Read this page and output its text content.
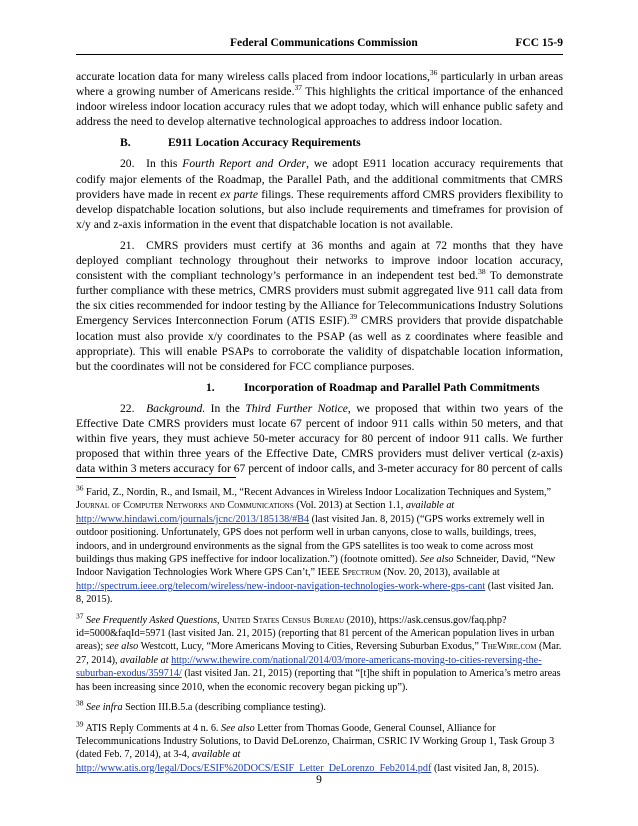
Federal Communications Commission	FCC 15-9

accurate location data for many wireless calls placed from indoor locations,$^{36}$ particularly in urban areas where a growing number of Americans reside.$^{37}$ This highlights the critical importance of the enhanced indoor wireless indoor location accuracy rules that we adopt today, which will enhance public safety and address the need to develop alternative technological approaches to address indoor location.

B.	E911 Location Accuracy Requirements

20. In this Fourth Report and Order, we adopt E911 location accuracy requirements that codify major elements of the Roadmap, the Parallel Path, and the additional commitments that CMRS providers have made in recent ex parte filings. These requirements afford CMRS providers flexibility to develop dispatchable location solutions, but also include requirements and timeframes for provision of x/y and z-axis information in the event that dispatchable location is not available.

21. CMRS providers must certify at 36 months and again at 72 months that they have deployed compliant technology throughout their networks to improve indoor location accuracy, consistent with the compliant technology’s performance in an independent test bed.$^{38}$ To demonstrate further compliance with these metrics, CMRS providers must submit aggregated live 911 call data from the six cities recommended for indoor testing by the Alliance for Telecommunications Industry Solutions Emergency Services Interconnection Forum (ATIS ESIF).$^{39}$ CMRS providers that provide dispatchable location must also provide x/y coordinates to the PSAP (as well as z coordinates where feasible and appropriate). This will enable PSAPs to corroborate the validity of dispatchable location information, but the coordinates will not be considered for FCC compliance purposes.

1.	Incorporation of Roadmap and Parallel Path Commitments

22. Background. In the Third Further Notice, we proposed that within two years of the Effective Date CMRS providers must locate 67 percent of indoor 911 calls within 50 meters, and that within five years, they must achieve 50-meter accuracy for 80 percent of indoor 911 calls. We further proposed that within three years of the Effective Date, CMRS providers must deliver vertical (z-axis) data within 3 meters accuracy for 67 percent of indoor calls, and 3-meter accuracy for 80 percent of calls

$^{36}$ Farid, Z., Nordin, R., and Ismail, M., “Recent Advances in Wireless Indoor Localization Techniques and System,” Journal of Computer Networks and Communications (Vol. 2013) at Section 1.1, available at http://www.hindawi.com/journals/jcnc/2013/185138/#B4 (last visited Jan. 8, 2015) (“GPS works extremely well in outdoor positioning. Unfortunately, GPS does not perform well in urban canyons, close to walls, buildings, trees, indoors, and in underground environments as the signal from the GPS satellites is too weak to come across most buildings thus making GPS ineffective for indoor localization.”) (footnote omitted). See also Schneider, David, “New Indoor Navigation Technologies Work Where GPS Can’t,” IEEE Spectrum (Nov. 20, 2013), available at http://spectrum.ieee.org/telecom/wireless/new-indoor-navigation-technologies-work-where-gps-cant (last visited Jan. 8, 2015).

$^{37}$ See Frequently Asked Questions, United States Census Bureau (2010), https://ask.census.gov/faq.php?id=5000&faqId=5971 (last visited Jan. 21, 2015) (reporting that 81 percent of the American population lives in urban areas); see also Westcott, Lucy, “More Americans Moving to Cities, Reversing Suburban Exodus,” TheWire.com (Mar. 27, 2014), available at http://www.thewire.com/national/2014/03/more-americans-moving-to-cities-reversing-the-suburban-exodus/359714/ (last visited Jan. 21, 2015) (reporting that “[t]he shift in population to America’s metro areas has been increasing since 2010, when the economic recovery began picking up”).

$^{38}$ See infra Section III.B.5.a (describing compliance testing).

$^{39}$ ATIS Reply Comments at 4 n. 6. See also Letter from Thomas Goode, General Counsel, Alliance for Telecommunications Industry Solutions, to David DeLorenzo, Chairman, CSRIC IV Working Group 1, Task Group 3 (dated Feb. 7, 2014), at 3-4, available at http://www.atis.org/legal/Docs/ESIF%20DOCS/ESIF_Letter_DeLorenzo_Feb2014.pdf (last visited Jan, 8, 2015).

9
